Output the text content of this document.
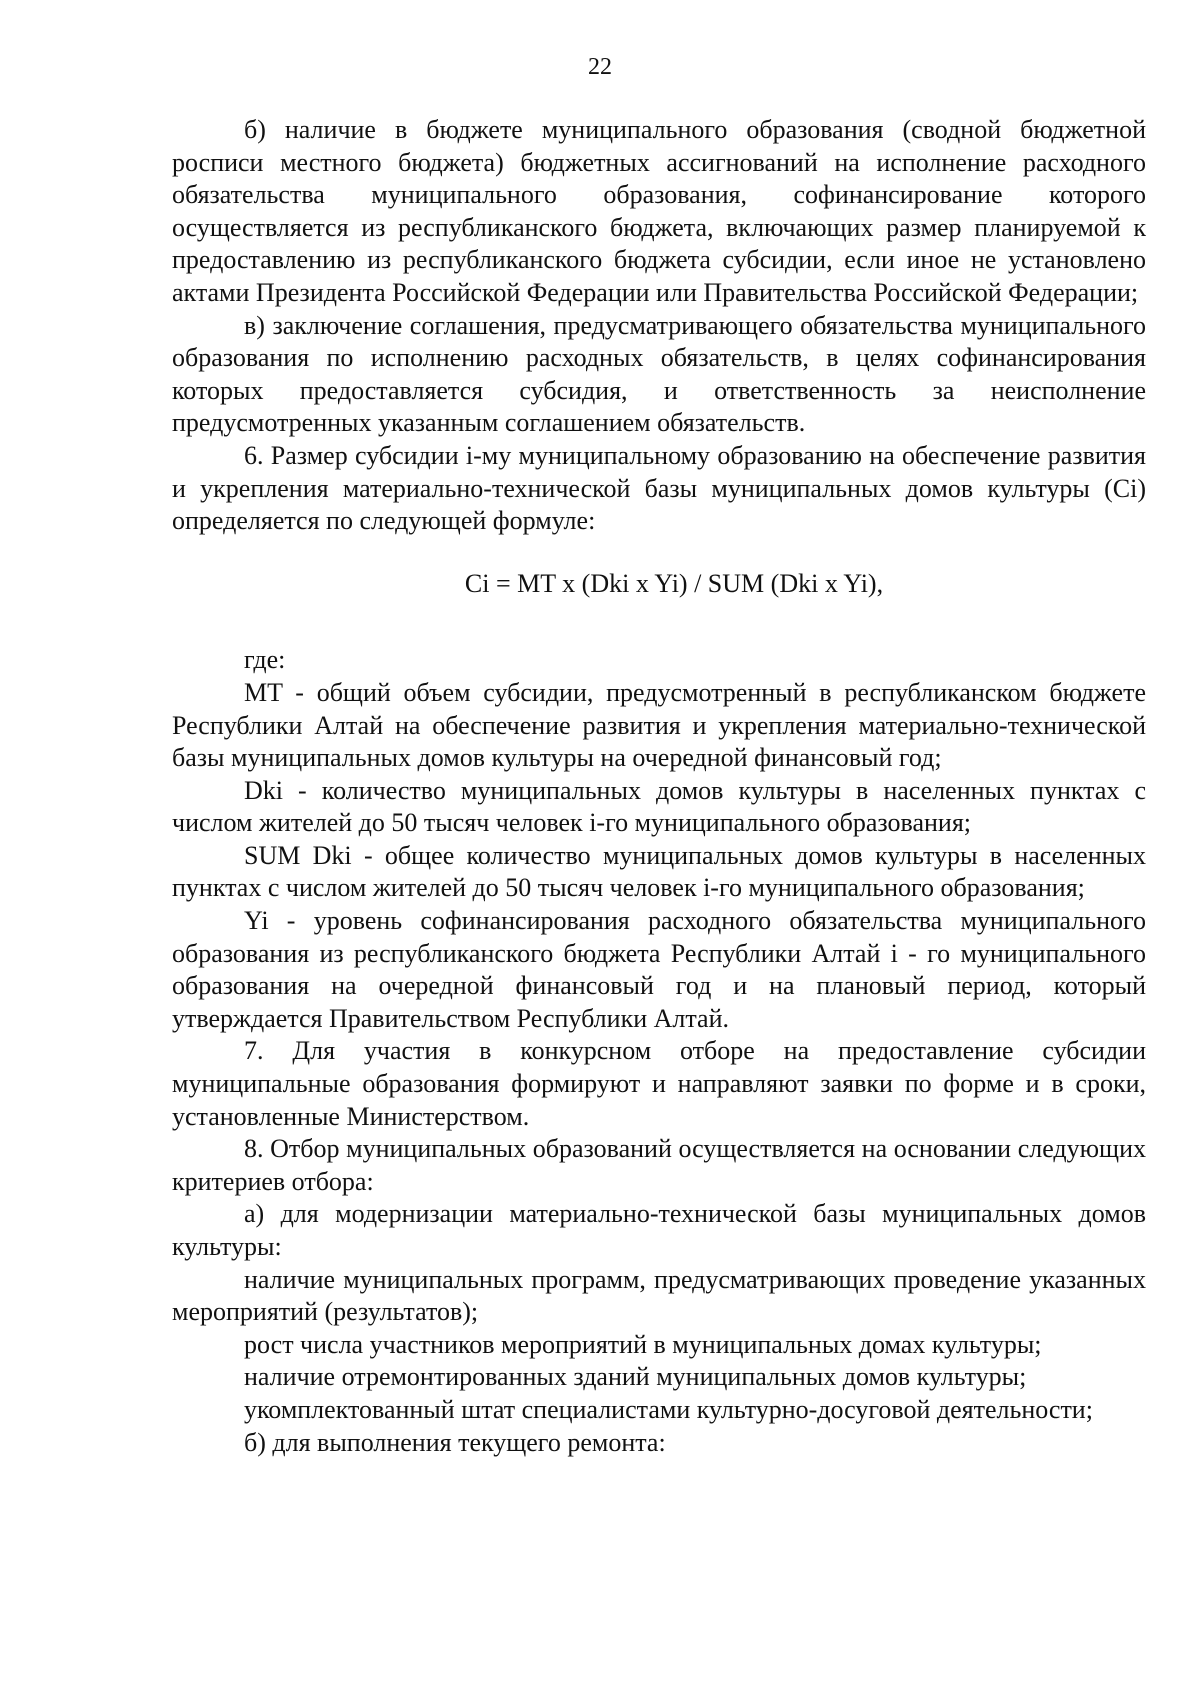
22

б) наличие в бюджете муниципального образования (сводной бюджетной росписи местного бюджета) бюджетных ассигнований на исполнение расходного обязательства муниципального образования, софинансирование которого осуществляется из республиканского бюджета, включающих размер планируемой к предоставлению из республиканского бюджета субсидии, если иное не установлено актами Президента Российской Федерации или Правительства Российской Федерации;

в) заключение соглашения, предусматривающего обязательства муниципального образования по исполнению расходных обязательств, в целях софинансирования которых предоставляется субсидия, и ответственность за неисполнение предусмотренных указанным соглашением обязательств.

6. Размер субсидии i-му муниципальному образованию на обеспечение развития и укрепления материально-технической базы муниципальных домов культуры (Ci) определяется по следующей формуле:

Ci = MT x (Dki x Yi) / SUM (Dki x Yi),

где:

MT - общий объем субсидии, предусмотренный в республиканском бюджете Республики Алтай на обеспечение развития и укрепления материально-технической базы муниципальных домов культуры на очередной финансовый год;

Dki - количество муниципальных домов культуры в населенных пунктах с числом жителей до 50 тысяч человек i-го муниципального образования;

SUM Dki - общее количество муниципальных домов культуры в населенных пунктах с числом жителей до 50 тысяч человек i-го муниципального образования;

Yi - уровень софинансирования расходного обязательства муниципального образования из республиканского бюджета Республики Алтай i - го муниципального образования на очередной финансовый год и на плановый период, который утверждается Правительством Республики Алтай.

7. Для участия в конкурсном отборе на предоставление субсидии муниципальные образования формируют и направляют заявки по форме и в сроки, установленные Министерством.

8. Отбор муниципальных образований осуществляется на основании следующих критериев отбора:

а) для модернизации материально-технической базы муниципальных домов культуры:

наличие муниципальных программ, предусматривающих проведение указанных мероприятий (результатов);

рост числа участников мероприятий в муниципальных домах культуры;

наличие отремонтированных зданий муниципальных домов культуры;

укомплектованный штат специалистами культурно-досуговой деятельности;

б) для выполнения текущего ремонта:
